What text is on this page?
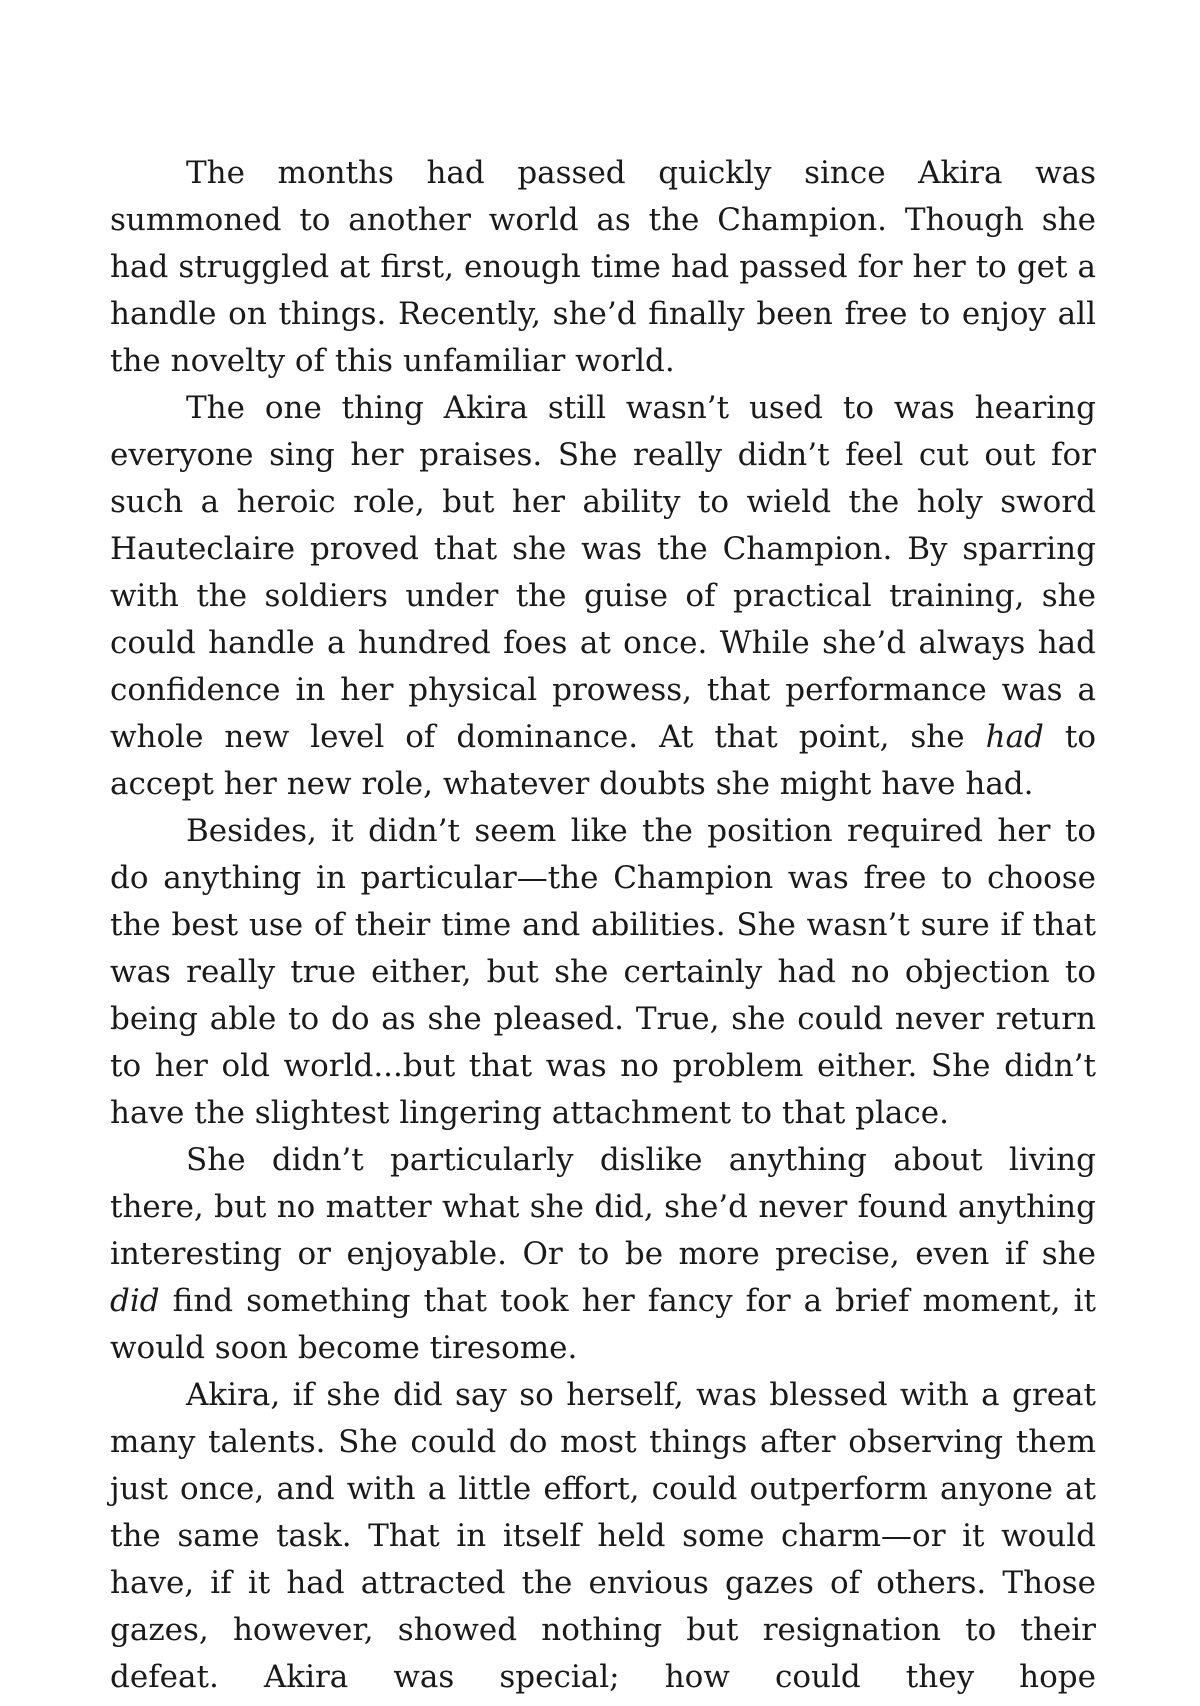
The months had passed quickly since Akira was summoned to another world as the Champion. Though she had struggled at first, enough time had passed for her to get a handle on things. Recently, she’d finally been free to enjoy all the novelty of this unfamiliar world.

The one thing Akira still wasn’t used to was hearing everyone sing her praises. She really didn’t feel cut out for such a heroic role, but her ability to wield the holy sword Hauteclaire proved that she was the Champion. By sparring with the soldiers under the guise of practical training, she could handle a hundred foes at once. While she’d always had confidence in her physical prowess, that performance was a whole new level of dominance. At that point, she had to accept her new role, whatever doubts she might have had.

Besides, it didn’t seem like the position required her to do anything in particular—the Champion was free to choose the best use of their time and abilities. She wasn’t sure if that was really true either, but she certainly had no objection to being able to do as she pleased. True, she could never return to her old world...but that was no problem either. She didn’t have the slightest lingering attachment to that place.

She didn’t particularly dislike anything about living there, but no matter what she did, she’d never found anything interesting or enjoyable. Or to be more precise, even if she did find something that took her fancy for a brief moment, it would soon become tiresome.

Akira, if she did say so herself, was blessed with a great many talents. She could do most things after observing them just once, and with a little effort, could outperform anyone at the same task. That in itself held some charm—or it would have, if it had attracted the envious gazes of others. Those gazes, however, showed nothing but resignation to their defeat. Akira was special; how could they hope
